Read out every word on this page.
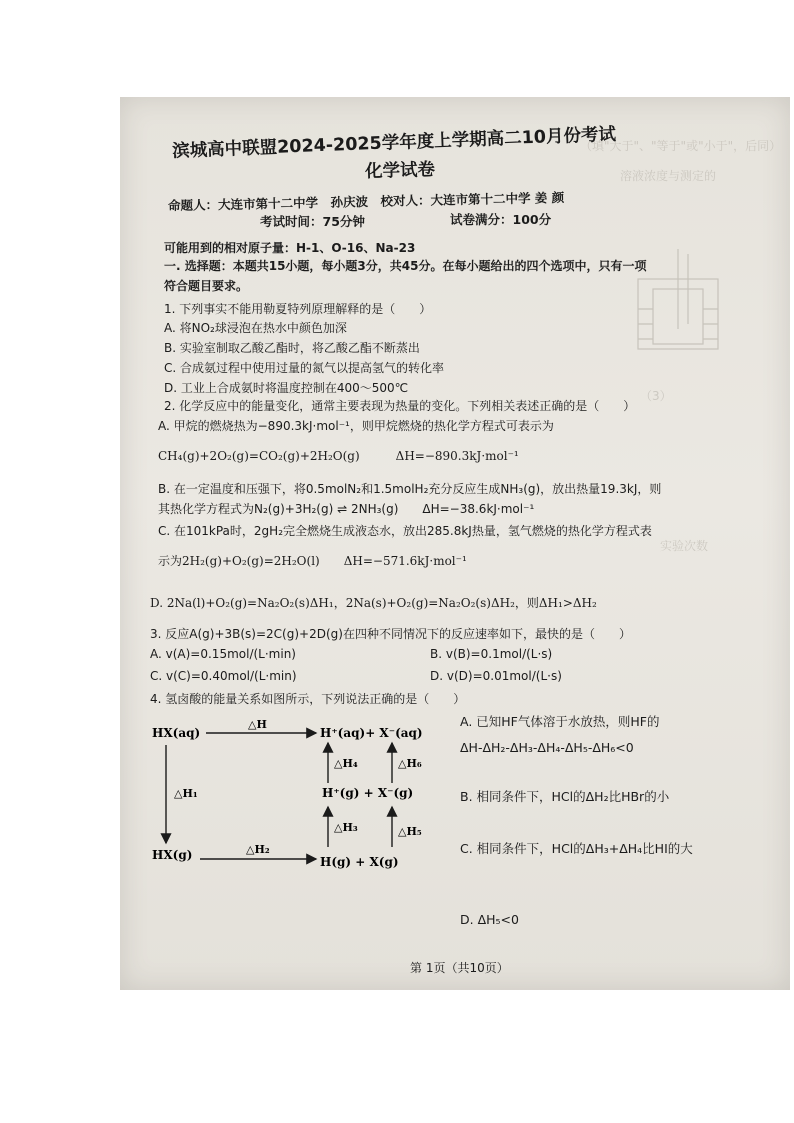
（填"大于"、"等于"或"小于"，后同）
溶液浓度与测定的
（3）
实验次数
滨城高中联盟2024-2025学年度上学期高二10月份考试
化学试卷
命题人：大连市第十二中学　孙庆波　校对人：大连市第十二中学 姜 颜
考试时间：75分钟	试卷满分：100分
可能用到的相对原子量：H-1、O-16、Na-23
一. 选择题：本题共15小题，每小题3分，共45分。在每小题给出的四个选项中，只有一项
符合题目要求。
1. 下列事实不能用勒夏特列原理解释的是（　　）
A. 将NO₂球浸泡在热水中颜色加深
B. 实验室制取乙酸乙酯时，将乙酸乙酯不断蒸出
C. 合成氨过程中使用过量的氮气以提高氢气的转化率
D. 工业上合成氨时将温度控制在400～500℃
2. 化学反应中的能量变化，通常主要表现为热量的变化。下列相关表述正确的是（　　）
A. 甲烷的燃烧热为−890.3kJ·mol⁻¹，则甲烷燃烧的热化学方程式可表示为
CH₄(g)+2O₂(g)=CO₂(g)+2H₂O(g)　　　ΔH=−890.3kJ·mol⁻¹
B. 在一定温度和压强下，将0.5molN₂和1.5molH₂充分反应生成NH₃(g)，放出热量19.3kJ，则
其热化学方程式为N₂(g)+3H₂(g) ⇌ 2NH₃(g)　　ΔH=−38.6kJ·mol⁻¹
C. 在101kPa时，2gH₂完全燃烧生成液态水，放出285.8kJ热量，氢气燃烧的热化学方程式表
示为2H₂(g)+O₂(g)=2H₂O(l)　　ΔH=−571.6kJ·mol⁻¹
D. 2Na(l)+O₂(g)=Na₂O₂(s)ΔH₁，2Na(s)+O₂(g)=Na₂O₂(s)ΔH₂，则ΔH₁>ΔH₂
3. 反应A(g)+3B(s)=2C(g)+2D(g)在四种不同情况下的反应速率如下，最快的是（　　）
A. v(A)=0.15mol/(L·min)	B. v(B)=0.1mol/(L·s)
C. v(C)=0.40mol/(L·min)	D. v(D)=0.01mol/(L·s)
4. 氢卤酸的能量关系如图所示，下列说法正确的是（　　）
HX(aq)
△H
H⁺(aq)+ X⁻(aq)
△H₁
HX(g)	△H₂
H(g) + X(g)
H⁺(g) + X⁻(g)
△H₃
△H₄
△H₅
△H₆
A. 已知HF气体溶于水放热，则HF的
ΔH-ΔH₂-ΔH₃-ΔH₄-ΔH₅-ΔH₆<0
B. 相同条件下，HCl的ΔH₂比HBr的小
C. 相同条件下，HCl的ΔH₃+ΔH₄比HI的大
D. ΔH₅<0
第 1页（共10页）
